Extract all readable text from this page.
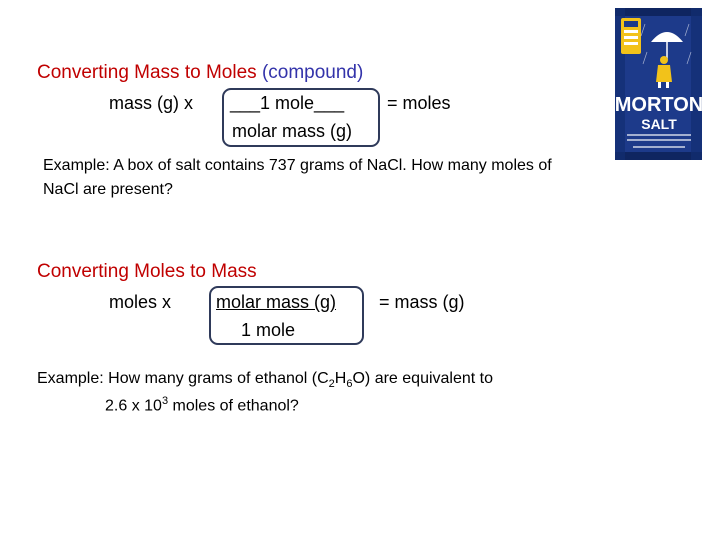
Converting Mass to Moles (compound)
mass (g) x ___1 mole___
molar mass (g)
= moles
Example: A box of salt contains 737 grams of NaCl. How many moles of
NaCl are present?
Converting Moles to Mass
moles x molar mass (g)
1 mole
= mass (g)
Example: How many grams of ethanol $(C_2H_6O)$ are equivalent to
2.6 x $10^3$ moles of ethanol?
MORTON
SALT
